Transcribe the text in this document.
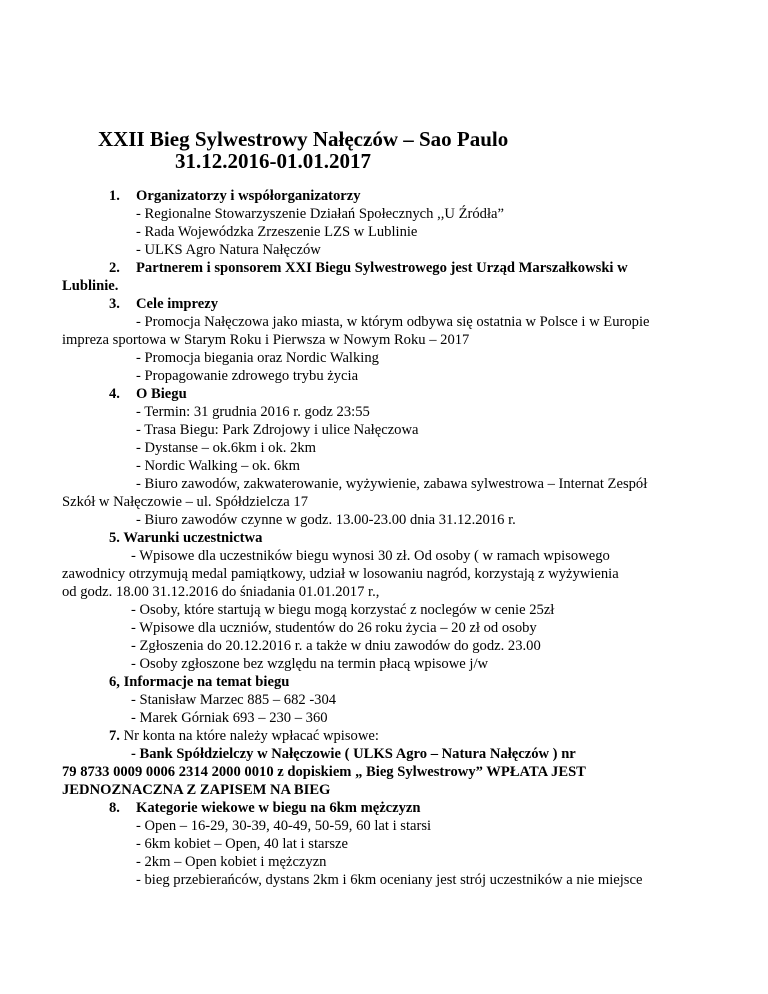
XXII Bieg Sylwestrowy Nałęczów – Sao Paulo
31.12.2016-01.01.2017
1. Organizatorzy i współorganizatorzy
- Regionalne Stowarzyszenie Działań Społecznych ,,U Źródła”
- Rada Wojewódzka Zrzeszenie LZS w Lublinie
- ULKS Agro Natura Nałęczów
2. Partnerem i sponsorem XXI Biegu Sylwestrowego jest Urząd Marszałkowski w
Lublinie.
3. Cele imprezy
- Promocja Nałęczowa jako miasta, w którym odbywa się ostatnia w Polsce i w Europie
impreza sportowa w Starym Roku i Pierwsza w Nowym Roku – 2017
- Promocja biegania oraz Nordic Walking
- Propagowanie zdrowego trybu życia
4. O Biegu
- Termin: 31 grudnia 2016 r. godz 23:55
- Trasa Biegu: Park Zdrojowy i ulice Nałęczowa
- Dystanse – ok.6km i ok. 2km
- Nordic Walking – ok. 6km
- Biuro zawodów, zakwaterowanie, wyżywienie, zabawa sylwestrowa – Internat Zespół
Szkół w Nałęczowie – ul. Spółdzielcza 17
- Biuro zawodów czynne w godz. 13.00-23.00 dnia 31.12.2016 r.
5. Warunki uczestnictwa
- Wpisowe dla uczestników biegu wynosi 30 zł. Od osoby ( w ramach wpisowego
zawodnicy otrzymują medal pamiątkowy, udział w losowaniu nagród, korzystają z wyżywienia
od godz. 18.00 31.12.2016 do śniadania 01.01.2017 r.,
- Osoby, które startują w biegu mogą korzystać z noclegów w cenie 25zł
- Wpisowe dla uczniów, studentów do 26 roku życia – 20 zł od osoby
- Zgłoszenia do 20.12.2016 r. a także w dniu zawodów do godz. 23.00
- Osoby zgłoszone bez względu na termin płacą wpisowe j/w
6, Informacje na temat biegu
- Stanisław Marzec 885 – 682 -304
- Marek Górniak 693 – 230 – 360
7. Nr konta na które należy wpłacać wpisowe:
- Bank Spółdzielczy w Nałęczowie ( ULKS Agro – Natura Nałęczów ) nr
79 8733 0009 0006 2314 2000 0010 z dopiskiem „ Bieg Sylwestrowy” WPŁATA JEST
JEDNOZNACZNA Z ZAPISEM NA BIEG
8. Kategorie wiekowe w biegu na 6km mężczyzn
- Open – 16-29, 30-39, 40-49, 50-59, 60 lat i starsi
- 6km kobiet – Open, 40 lat i starsze
- 2km – Open kobiet i mężczyzn
- bieg przebierańców, dystans 2km i 6km oceniany jest strój uczestników a nie miejsce
